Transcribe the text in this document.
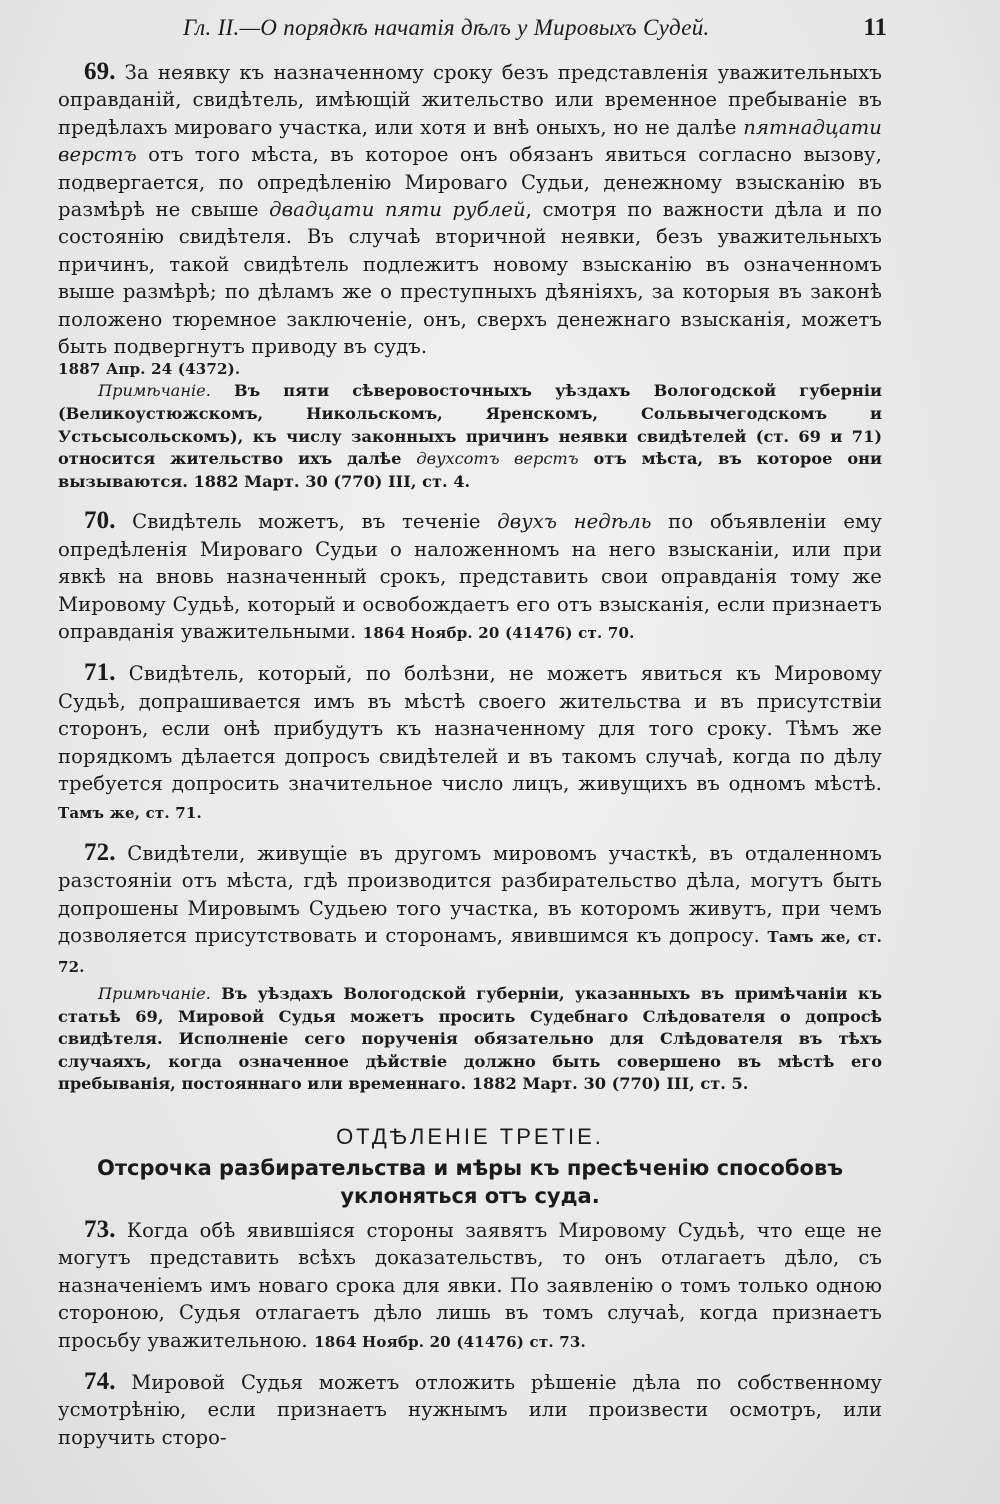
Гл. II.—О порядкѣ начатія дѣлъ у Мировыхъ Судей.	11

69. За неявку къ назначенному сроку безъ представленія уважительныхъ оправданій, свидѣтель, имѣющій жительство или временное пребываніе въ предѣлахъ мироваго участка, или хотя и внѣ оныхъ, но не далѣе пятнадцати верстъ отъ того мѣста, въ которое онъ обязанъ явиться согласно вызову, подвергается, по опредѣленію Мироваго Судьи, денежному взысканію въ размѣрѣ не свыше двадцати пяти рублей, смотря по важности дѣла и по состоянію свидѣтеля. Въ случаѣ вторичной неявки, безъ уважительныхъ причинъ, такой свидѣтель подлежитъ новому взысканію въ означенномъ выше размѣрѣ; по дѣламъ же о преступныхъ дѣяніяхъ, за которыя въ законѣ положено тюремное заключеніе, онъ, сверхъ денежнаго взысканія, можетъ быть подвергнутъ приводу въ судъ.

1887 Апр. 24 (4372).

Примѣчаніе. Въ пяти сѣверовосточныхъ уѣздахъ Вологодской губерніи (Великоустюжскомъ, Никольскомъ, Яренскомъ, Сольвычегодскомъ и Устьсысольскомъ), къ числу законныхъ причинъ неявки свидѣтелей (ст. 69 и 71) относится жительство ихъ далѣе двухсотъ верстъ отъ мѣста, въ которое они вызываются. 1882 Март. 30 (770) III, ст. 4.

70. Свидѣтель можетъ, въ теченіе двухъ недѣль по объявленіи ему опредѣленія Мироваго Судьи о наложенномъ на него взысканіи, или при явкѣ на вновь назначенный срокъ, представить свои оправданія тому же Мировому Судьѣ, который и освобождаетъ его отъ взысканія, если признаетъ оправданія уважительными. 1864 Ноябр. 20 (41476) ст. 70.

71. Свидѣтель, который, по болѣзни, не можетъ явиться къ Мировому Судьѣ, допрашивается имъ въ мѣстѣ своего жительства и въ присутствіи сторонъ, если онѣ прибудутъ къ назначенному для того сроку. Тѣмъ же порядкомъ дѣлается допросъ свидѣтелей и въ такомъ случаѣ, когда по дѣлу требуется допросить значительное число лицъ, живущихъ въ одномъ мѣстѣ. Тамъ же, ст. 71.

72. Свидѣтели, живущіе въ другомъ мировомъ участкѣ, въ отдаленномъ разстояніи отъ мѣста, гдѣ производится разбирательство дѣла, могутъ быть допрошены Мировымъ Судьею того участка, въ которомъ живутъ, при чемъ дозволяется присутствовать и сторонамъ, явившимся къ допросу. Тамъ же, ст. 72.

Примѣчаніе. Въ уѣздахъ Вологодской губерніи, указанныхъ въ примѣчаніи къ статьѣ 69, Мировой Судья можетъ просить Судебнаго Слѣдователя о допросѣ свидѣтеля. Исполненіе сего порученія обязательно для Слѣдователя въ тѣхъ случаяхъ, когда означенное дѣйствіе должно быть совершено въ мѣстѣ его пребыванія, постояннаго или временнаго. 1882 Март. 30 (770) III, ст. 5.

ОТДѢЛЕНІЕ ТРЕТІЕ.
Отсрочка разбирательства и мѣры къ пресѣченію способовъ
уклоняться отъ суда.

73. Когда обѣ явившіяся стороны заявятъ Мировому Судьѣ, что еще не могутъ представить всѣхъ доказательствъ, то онъ отлагаетъ дѣло, съ назначеніемъ имъ новаго срока для явки. По заявленію о томъ только одною стороною, Судья отлагаетъ дѣло лишь въ томъ случаѣ, когда признаетъ просьбу уважительною. 1864 Ноябр. 20 (41476) ст. 73.

74. Мировой Судья можетъ отложить рѣшеніе дѣла по собственному усмотрѣнію, если признаетъ нужнымъ или произвести осмотръ, или поручить сторо-
